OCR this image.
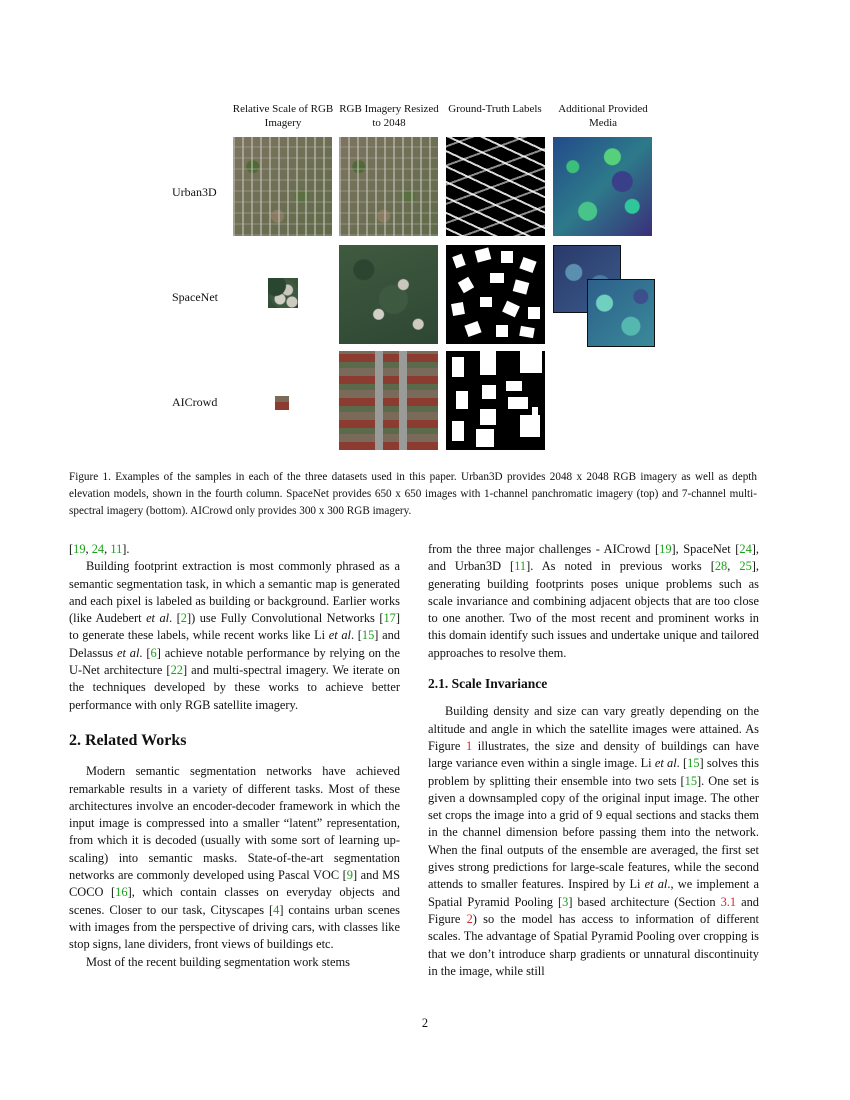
Relative Scale of RGB Imagery
RGB Imagery Resized to 2048
Ground-Truth Labels	Additional Provided Media
Urban3D
SpaceNet
AICrowd
Figure 1. Examples of the samples in each of the three datasets used in this paper. Urban3D provides 2048 x 2048 RGB imagery as well as depth elevation models, shown in the fourth column. SpaceNet provides 650 x 650 images with 1-channel panchromatic imagery (top) and 7-channel multi-spectral imagery (bottom). AICrowd only provides 300 x 300 RGB imagery.

[19, 24, 11].

Building footprint extraction is most commonly phrased as a semantic segmentation task, in which a semantic map is generated and each pixel is labeled as building or background. Earlier works (like Audebert et al. [2]) use Fully Convolutional Networks [17] to generate these labels, while recent works like Li et al. [15] and Delassus et al. [6] achieve notable performance by relying on the U-Net architecture [22] and multi-spectral imagery. We iterate on the techniques developed by these works to achieve better performance with only RGB satellite imagery.

2. Related Works

Modern semantic segmentation networks have achieved remarkable results in a variety of different tasks. Most of these architectures involve an encoder-decoder framework in which the input image is compressed into a smaller “latent” representation, from which it is decoded (usually with some sort of learning up-scaling) into semantic masks. State-of-the-art segmentation networks are commonly developed using Pascal VOC [9] and MS COCO [16], which contain classes on everyday objects and scenes. Closer to our task, Cityscapes [4] contains urban scenes with images from the perspective of driving cars, with classes like stop signs, lane dividers, front views of buildings etc.

Most of the recent building segmentation work stems

from the three major challenges - AICrowd [19], SpaceNet [24], and Urban3D [11]. As noted in previous works [28, 25], generating building footprints poses unique problems such as scale invariance and combining adjacent objects that are too close to one another. Two of the most recent and prominent works in this domain identify such issues and undertake unique and tailored approaches to resolve them.

2.1. Scale Invariance

Building density and size can vary greatly depending on the altitude and angle in which the satellite images were attained. As Figure 1 illustrates, the size and density of buildings can have large variance even within a single image. Li et al. [15] solves this problem by splitting their ensemble into two sets [15]. One set is given a downsampled copy of the original input image. The other set crops the image into a grid of 9 equal sections and stacks them in the channel dimension before passing them into the network. When the final outputs of the ensemble are averaged, the first set gives strong predictions for large-scale features, while the second attends to smaller features. Inspired by Li et al., we implement a Spatial Pyramid Pooling [3] based architecture (Section 3.1 and Figure 2) so the model has access to information of different scales. The advantage of Spatial Pyramid Pooling over cropping is that we don’t introduce sharp gradients or unnatural discontinuity in the image, while still

2
